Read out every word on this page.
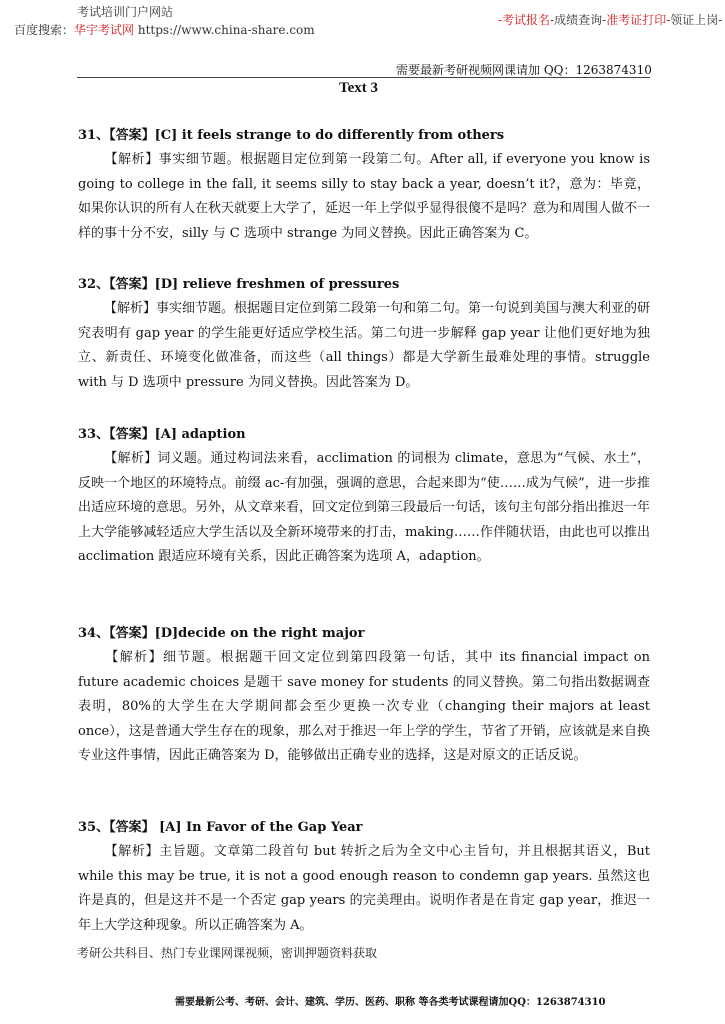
考试培训门户网站
百度搜索：华宇考试网 https://www.china-share.com
-考试报名-成绩查询-准考证打印-领证上岗-
需要最新考研视频网课请加 QQ：1263874310
Text 3
31、【答案】[C] it feels strange to do differently from others
【解析】事实细节题。根据题目定位到第一段第二句。After all, if everyone you know is going to college in the fall, it seems silly to stay back a year, doesn’t it?，意为：毕竟，如果你认识的所有人在秋天就要上大学了，延迟一年上学似乎显得很傻不是吗？意为和周围人做不一样的事十分不安，silly 与 C 选项中 strange 为同义替换。因此正确答案为 C。
32、【答案】[D] relieve freshmen of pressures
【解析】事实细节题。根据题目定位到第二段第一句和第二句。第一句说到美国与澳大利亚的研究表明有 gap year 的学生能更好适应学校生活。第二句进一步解释 gap year 让他们更好地为独立、新责任、环境变化做准备，而这些（all things）都是大学新生最难处理的事情。struggle with 与 D 选项中 pressure 为同义替换。因此答案为 D。
33、【答案】[A] adaption
【解析】词义题。通过构词法来看，acclimation 的词根为 climate，意思为“气候、水土”，反映一个地区的环境特点。前缀 ac-有加强，强调的意思，合起来即为“使……成为气候”，进一步推出适应环境的意思。另外，从文章来看，回文定位到第三段最后一句话，该句主句部分指出推迟一年上大学能够减轻适应大学生活以及全新环境带来的打击，making……作伴随状语，由此也可以推出 acclimation 跟适应环境有关系，因此正确答案为选项 A，adaption。
34、【答案】[D]decide on the right major
【解析】细节题。根据题干回文定位到第四段第一句话，其中 its financial impact on future academic choices 是题干 save money for students 的同义替换。第二句指出数据调查表明，80%的大学生在大学期间都会至少更换一次专业（changing their majors at least once），这是普通大学生存在的现象，那么对于推迟一年上学的学生，节省了开销，应该就是来自换专业这件事情，因此正确答案为 D，能够做出正确专业的选择，这是对原文的正话反说。
35、【答案】 [A] In Favor of the Gap Year
【解析】主旨题。文章第二段首句 but 转折之后为全文中心主旨句，并且根据其语义，But while this may be true, it is not a good enough reason to condemn gap years. 虽然这也许是真的，但是这并不是一个否定 gap years 的完美理由。说明作者是在肯定 gap year，推迟一年上大学这种现象。所以正确答案为 A。
考研公共科目、热门专业课网课视频，密训押题资料获取
需要最新公考、考研、会计、建筑、学历、医药、职称 等各类考试课程请加QQ：1263874310
